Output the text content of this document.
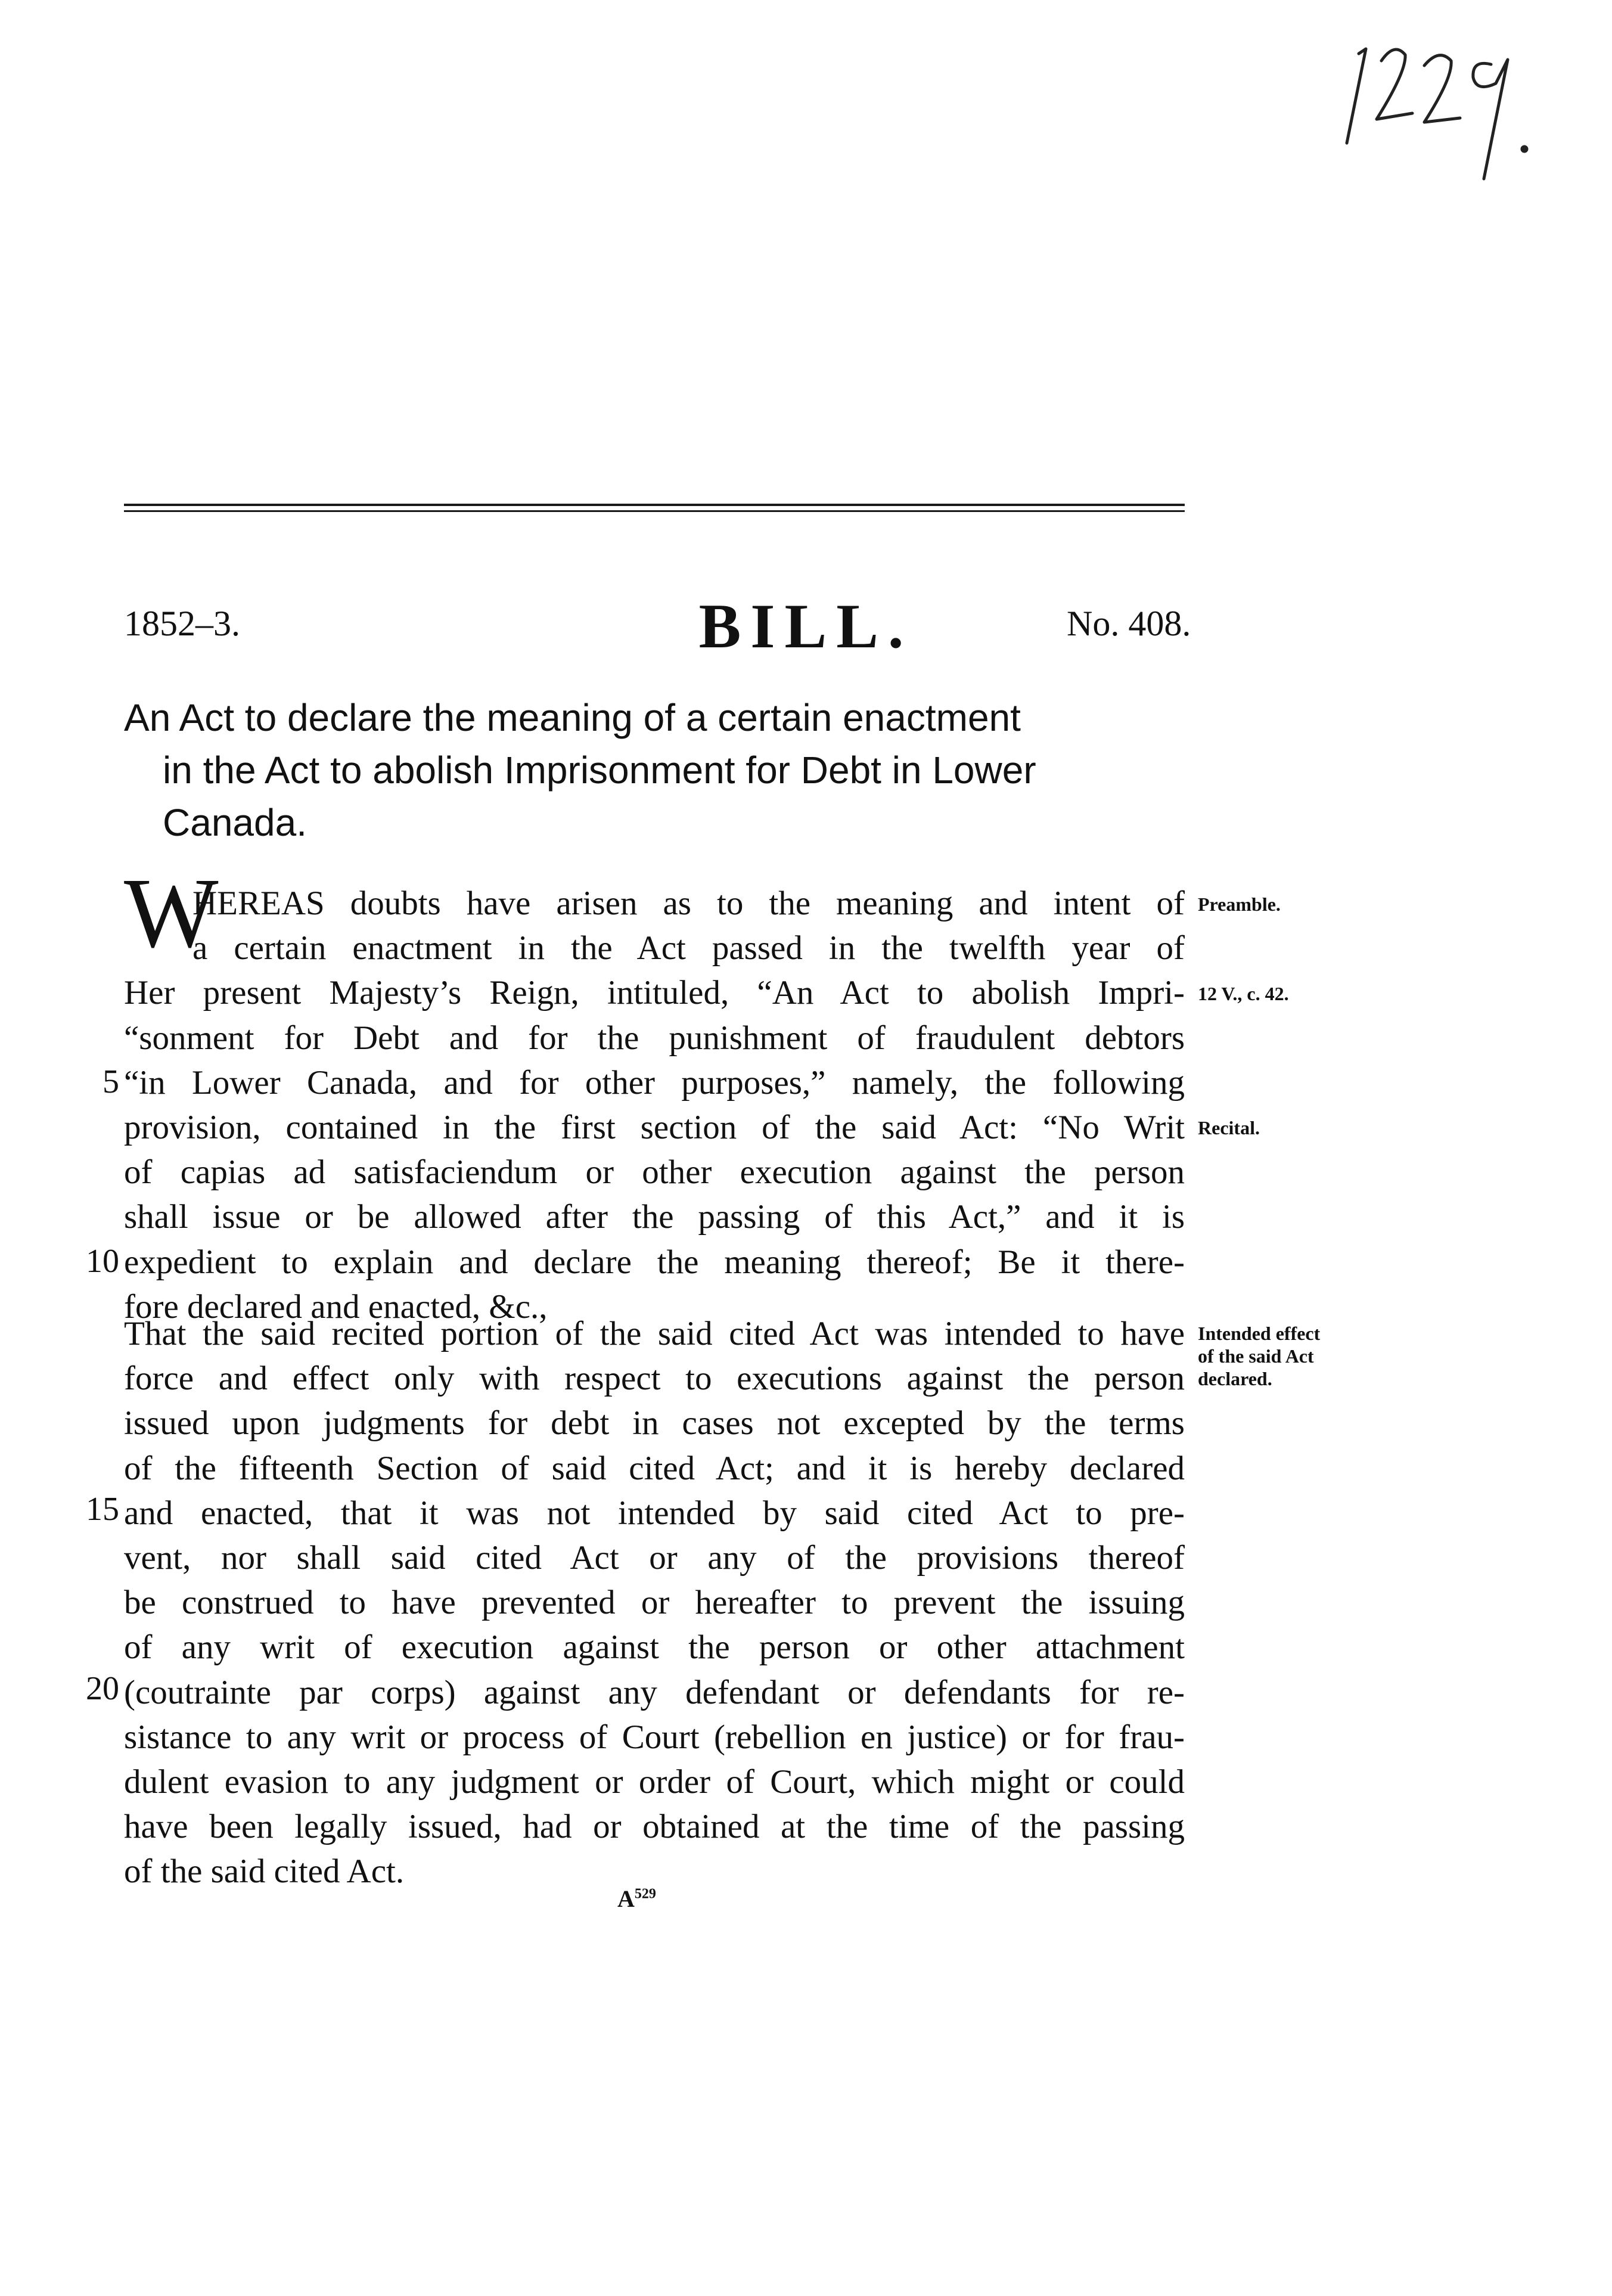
1852–3.	BILL.	No. 408.
An Act to declare the meaning of a certain enactment
in the Act to abolish Imprisonment for Debt in Lower
Canada.
W
HEREAS doubts have arisen as to the meaning and intent of
a certain enactment in the Act passed in the twelfth year of
Her present Majesty’s Reign, intituled, “An Act to abolish Impri-
“sonment for Debt and for the punishment of fraudulent debtors
“in Lower Canada, and for other purposes,” namely, the following
provision, contained in the first section of the said Act: “No Writ
of capias ad satisfaciendum or other execution against the person
shall issue or be allowed after the passing of this Act,” and it is
expedient to explain and declare the meaning thereof; Be it there-
fore declared and enacted, &c.,
That the said recited portion of the said cited Act was intended to have
force and effect only with respect to executions against the person
issued upon judgments for debt in cases not excepted by the terms
of the fifteenth Section of said cited Act; and it is hereby declared
and enacted, that it was not intended by said cited Act to pre-
vent, nor shall said cited Act or any of the provisions thereof
be construed to have prevented or hereafter to prevent the issuing
of any writ of execution against the person or other attachment
(coutrainte par corps) against any defendant or defendants for re-
sistance to any writ or process of Court (rebellion en justice) or for frau-
dulent evasion to any judgment or order of Court, which might or could
have been legally issued, had or obtained at the time of the passing
of the said cited Act.
5
10
15
20
Preamble.
12 V., c. 42.
Recital.
Intended effect
of the said Act
declared.
$A^{529}$
